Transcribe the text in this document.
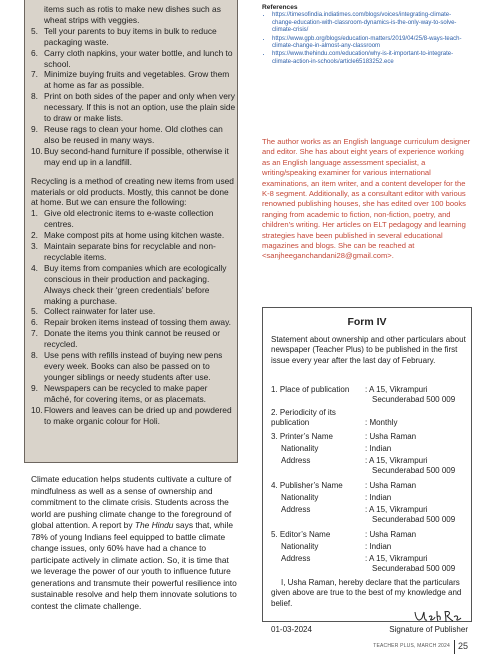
items such as rotis to make new dishes such as wheat strips with veggies.
5. Tell your parents to buy items in bulk to reduce packaging waste.
6. Carry cloth napkins, your water bottle, and lunch to school.
7. Minimize buying fruits and vegetables. Grow them at home as far as possible.
8. Print on both sides of the paper and only when very necessary. If this is not an option, use the plain side to draw or make lists.
9. Reuse rags to clean your home. Old clothes can also be reused in many ways.
10. Buy second-hand furniture if possible, otherwise it may end up in a landfill.

Recycling is a method of creating new items from used materials or old products. Mostly, this cannot be done at home. But we can ensure the following:

1. Give old electronic items to e-waste collection centres.
2. Make compost pits at home using kitchen waste.
3. Maintain separate bins for recyclable and non-recyclable items.
4. Buy items from companies which are ecologically conscious in their production and packaging. Always check their ‘green credentials’ before making a purchase.
5. Collect rainwater for later use.
6. Repair broken items instead of tossing them away.
7. Donate the items you think cannot be reused or recycled.
8. Use pens with refills instead of buying new pens every week. Books can also be passed on to younger siblings or needy students after use.
9. Newspapers can be recycled to make paper mâché, for covering items, or as placemats.
10. Flowers and leaves can be dried up and powdered to make organic colour for Holi.
Climate education helps students cultivate a culture of mindfulness as well as a sense of ownership and commitment to the climate crisis. Students across the world are pushing climate change to the foreground of global attention. A report by The Hindu says that, while 78% of young Indians feel equipped to battle climate change issues, only 60% have had a chance to participate actively in climate action. So, it is time that we leverage the power of our youth to influence future generations and transmute their powerful resilience into sustainable resolve and help them innovate solutions to contest the climate challenge.
References
• https://timesofindia.indiatimes.com/blogs/voices/integrating-climate-change-education-with-classroom-dynamics-is-the-only-way-to-solve-climate-crisis/
• https://www.gpb.org/blogs/education-matters/2019/04/25/8-ways-teach-climate-change-in-almost-any-classroom
• https://www.thehindu.com/education/why-is-it-important-to-integrate-climate-action-in-schools/article65183252.ece
The author works as an English language curriculum designer and editor. She has about eight years of experience working as an English language assessment specialist, a writing/speaking examiner for various international examinations, an item writer, and a content developer for the K-8 segment. Additionally, as a consultant editor with various renowned publishing houses, she has edited over 100 books ranging from academic to fiction, non-fiction, poetry, and children’s writing. Her articles on ELT pedagogy and learning strategies have been published in several educational magazines and blogs. She can be reached at <sanjheeganchandani28@gmail.com>.
Form IV
Statement about ownership and other particulars about newspaper (Teacher Plus) to be published in the first issue every year after the last day of February.
1. Place of publication	: A 15, Vikrampuri
Secunderabad 500 009
2. Periodicity of its publication	: Monthly
3. Printer’s Name	: Usha Raman
Nationality	: Indian
Address	: A 15, Vikrampuri
Secunderabad 500 009
4. Publisher’s Name	: Usha Raman
Nationality	: Indian
Address	: A 15, Vikrampuri
Secunderabad 500 009
5. Editor’s Name	: Usha Raman
Nationality	: Indian
Address	: A 15, Vikrampuri
Secunderabad 500 009
I, Usha Raman, hereby declare that the particulars given above are true to the best of my knowledge and belief.
01-03-2024	Signature of Publisher
TEACHER PLUS, MARCH 2024 25
